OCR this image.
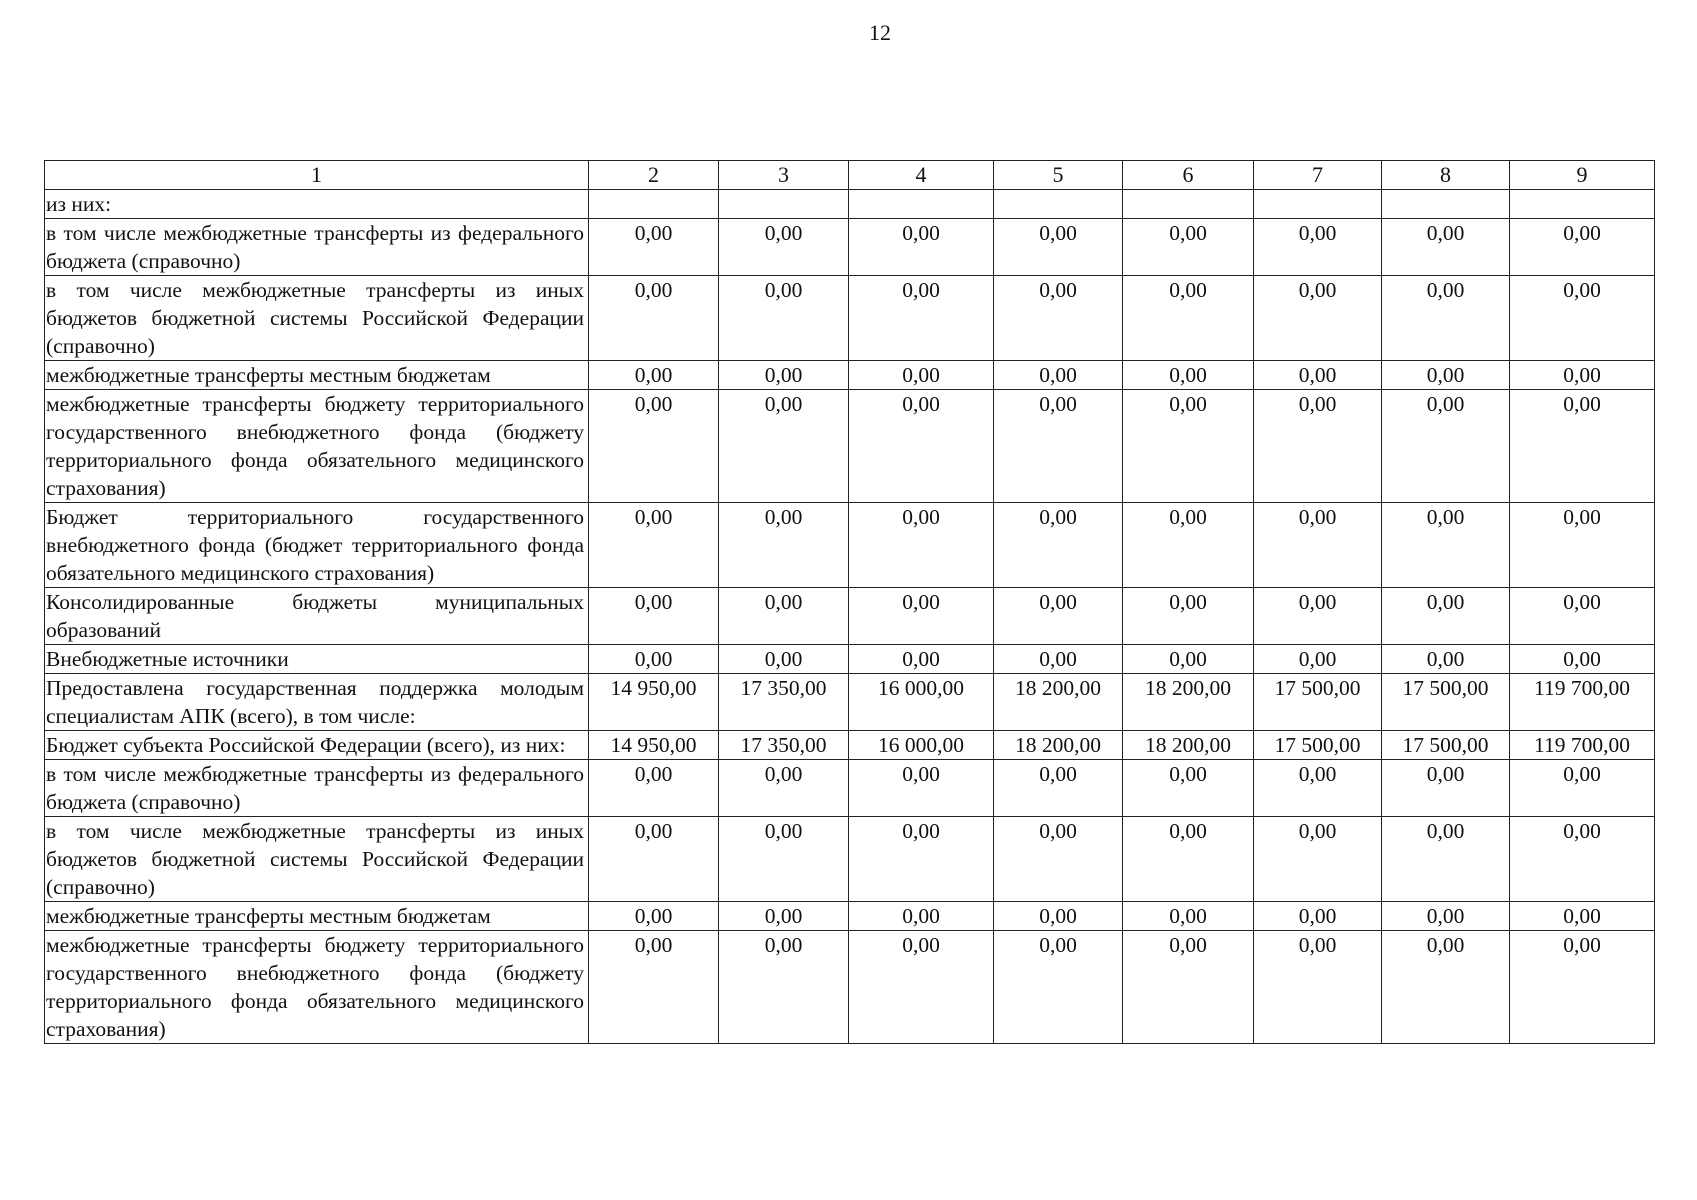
12
1	2	3	4	5	6	7	8	9
из них:								
в том числе межбюджетные трансферты из федерального бюджета (справочно)	0,00	0,00	0,00	0,00	0,00	0,00	0,00	0,00
в том числе межбюджетные трансферты из иных бюджетов бюджетной системы Российской Федерации (справочно)	0,00	0,00	0,00	0,00	0,00	0,00	0,00	0,00
межбюджетные трансферты местным бюджетам	0,00	0,00	0,00	0,00	0,00	0,00	0,00	0,00
межбюджетные трансферты бюджету территориального государственного внебюджетного фонда (бюджету территориального фонда обязательного медицинского страхования)	0,00	0,00	0,00	0,00	0,00	0,00	0,00	0,00
Бюджет территориального государственного внебюджетного фонда (бюджет территориального фонда обязательного медицинского страхования)	0,00	0,00	0,00	0,00	0,00	0,00	0,00	0,00
Консолидированные бюджеты муниципальных образований	0,00	0,00	0,00	0,00	0,00	0,00	0,00	0,00
Внебюджетные источники	0,00	0,00	0,00	0,00	0,00	0,00	0,00	0,00
Предоставлена государственная поддержка молодым специалистам АПК (всего), в том числе:	14 950,00	17 350,00	16 000,00	18 200,00	18 200,00	17 500,00	17 500,00	119 700,00
Бюджет субъекта Российской Федерации (всего), из них:	14 950,00	17 350,00	16 000,00	18 200,00	18 200,00	17 500,00	17 500,00	119 700,00
в том числе межбюджетные трансферты из федерального бюджета (справочно)	0,00	0,00	0,00	0,00	0,00	0,00	0,00	0,00
в том числе межбюджетные трансферты из иных бюджетов бюджетной системы Российской Федерации (справочно)	0,00	0,00	0,00	0,00	0,00	0,00	0,00	0,00
межбюджетные трансферты местным бюджетам	0,00	0,00	0,00	0,00	0,00	0,00	0,00	0,00
межбюджетные трансферты бюджету территориального государственного внебюджетного фонда (бюджету территориального фонда обязательного медицинского страхования)	0,00	0,00	0,00	0,00	0,00	0,00	0,00	0,00
